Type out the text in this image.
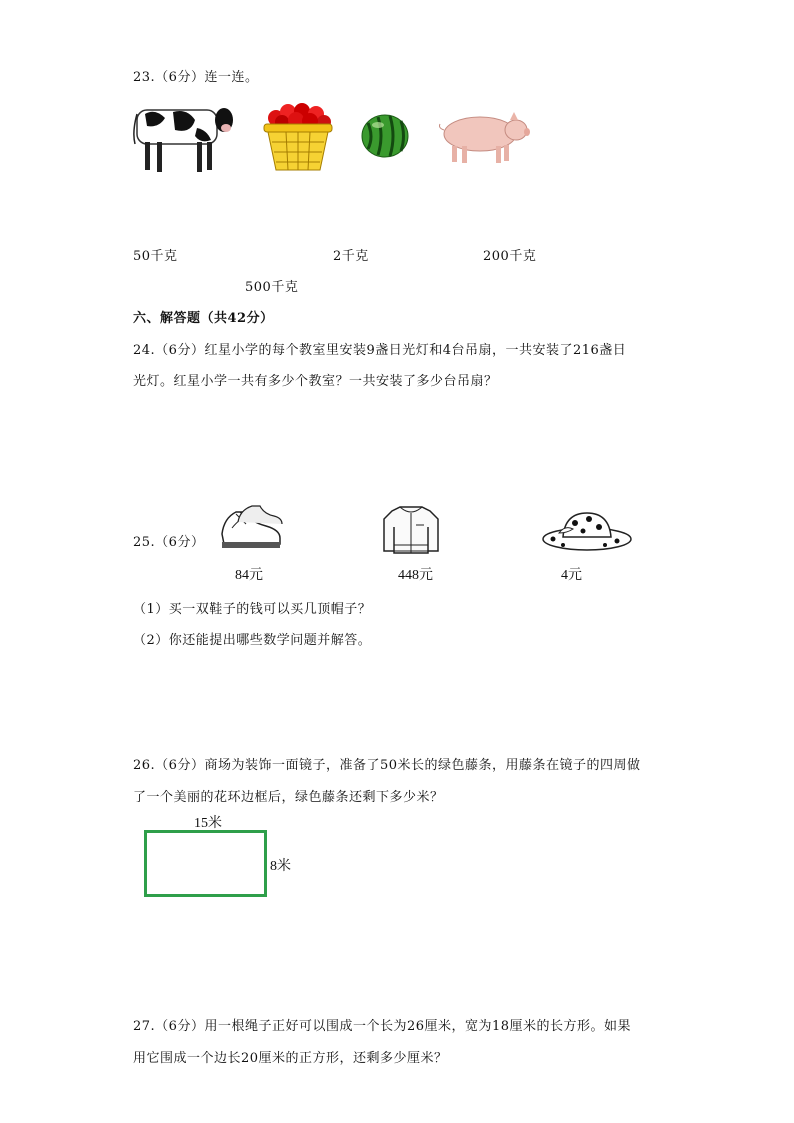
23.（6分）连一连。
50千克	2千克	200千克
500千克
六、解答题（共42分）
24.（6分）红星小学的每个教室里安装9盏日光灯和4台吊扇，一共安装了216盏日
光灯。红星小学一共有多少个教室？一共安装了多少台吊扇？
25.（6分）
84元	448元	4元
（1）买一双鞋子的钱可以买几顶帽子？
（2）你还能提出哪些数学问题并解答。
26.（6分）商场为装饰一面镜子，准备了50米长的绿色藤条，用藤条在镜子的四周做
了一个美丽的花环边框后，绿色藤条还剩下多少米？
15米
8米
27.（6分）用一根绳子正好可以围成一个长为26厘米，宽为18厘米的长方形。如果
用它围成一个边长20厘米的正方形，还剩多少厘米？
